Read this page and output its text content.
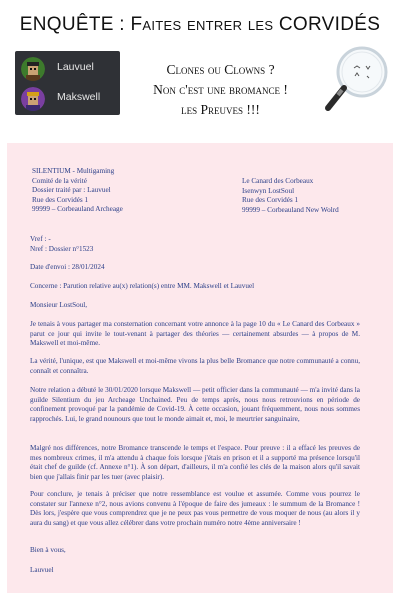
ENQUÊTE : Faites entrer les CORVIDÉS
Lauvuel
Makswell
Clones ou Clowns ?
Non c'est une bromance !
les Preuves !!!
SILENTIUM - Multigaming
Comité de la vérité
Dossier traité par : Lauvuel
Rue des Corvidés 1
99999 – Corbeauland Archeage
Le Canard des Corbeaux
Isenwyn LostSoul
Rue des Corvidés 1
99999 – Corbeauland New Wolrd
Vref : -
Nref : Dossier n°1523
Date d'envoi : 28/01/2024
Concerne : Parution relative au(x) relation(s) entre MM. Makswell et Lauvuel
Monsieur LostSoul,
Je tenais à vous partager ma consternation concernant votre annonce à la page 10 du « Le Canard des Corbeaux » parut ce jour qui invite le tout-venant à partager des théories — certainement absurdes — à propos de M. Makswell et moi-même.
La vérité, l'unique, est que Makswell et moi-même vivons la plus belle Bromance que notre communauté a connu, connaît et connaîtra.
Notre relation a débuté le 30/01/2020 lorsque Makswell — petit officier dans la communauté — m'a invité dans la guilde Silentium du jeu Archeage Unchained. Peu de temps après, nous nous retrouvions en période de confinement provoqué par la pandémie de Covid-19. À cette occasion, jouant fréquemment, nous nous sommes rapprochés. Lui, le grand nounours que tout le monde aimait et, moi, le meurtrier sanguinaire,
Malgré nos différences, notre Bromance transcende le temps et l'espace. Pour preuve : il a effacé les preuves de mes nombreux crimes, il m'a attendu à chaque fois lorsque j'étais en prison et il a supporté ma présence lorsqu'il était chef de guilde (cf. Annexe n°1). À son départ, d'ailleurs, il m'a confié les clés de la maison alors qu'il savait bien que j'allais finir par les tuer (avec plaisir).
Pour conclure, je tenais à préciser que notre ressemblance est voulue et assumée. Comme vous pourrez le constater sur l'annexe n°2, nous avions convenu à l'époque de faire des jumeaux : le summum de la Bromance ! Dès lors, j'espère que vous comprendrez que je ne peux pas vous permettre de vous moquer de nous (au alors il y aura du sang) et que vous allez célébrer dans votre prochain numéro notre 4ème anniversaire !
Bien à vous,
Lauvuel
